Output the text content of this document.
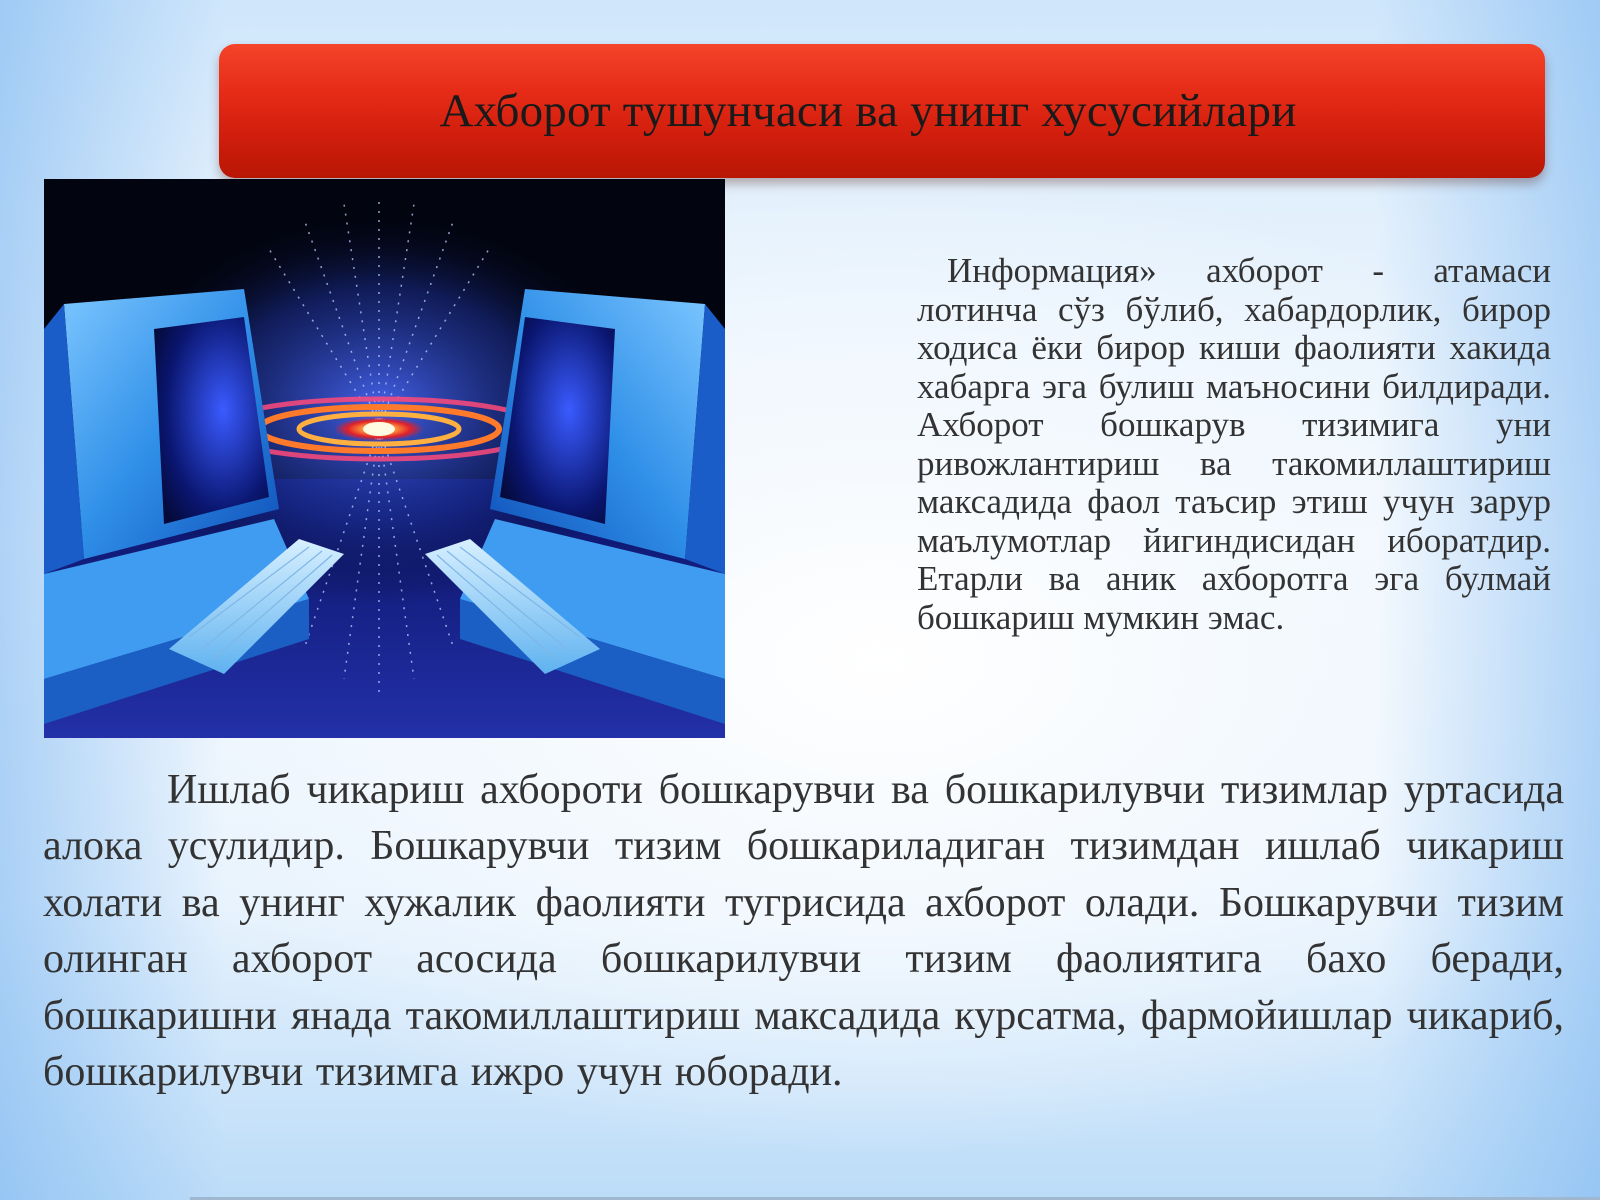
Ахборот тушунчаси ва унинг хусусийлари
Информация» ахборот - атамаси лотинча сўз бўлиб, хабардорлик, бирор ходиса ёки бирор киши фаолияти хакида хабарга эга булиш маъносини билдиради. Ахборот бошкарув тизимига уни ривожлантириш ва такомиллаштириш максадида фаол таъсир этиш учун зарур маълумотлар йигиндисидан иборатдир. Етарли ва аник ахборотга эга булмай бошкариш мумкин эмас.
Ишлаб чикариш ахбороти бошкарувчи ва бошкарилувчи тизимлар уртасида алока усулидир. Бошкарувчи тизим бошкариладиган тизимдан ишлаб чикариш холати ва унинг хужалик фаолияти тугрисида ахборот олади. Бошкарувчи тизим олинган ахборот асосида бошкарилувчи тизим фаолиятига бахо беради, бошкаришни янада такомиллаштириш максадида курсатма, фармойишлар чикариб, бошкарилувчи тизимга ижро учун юборади.
